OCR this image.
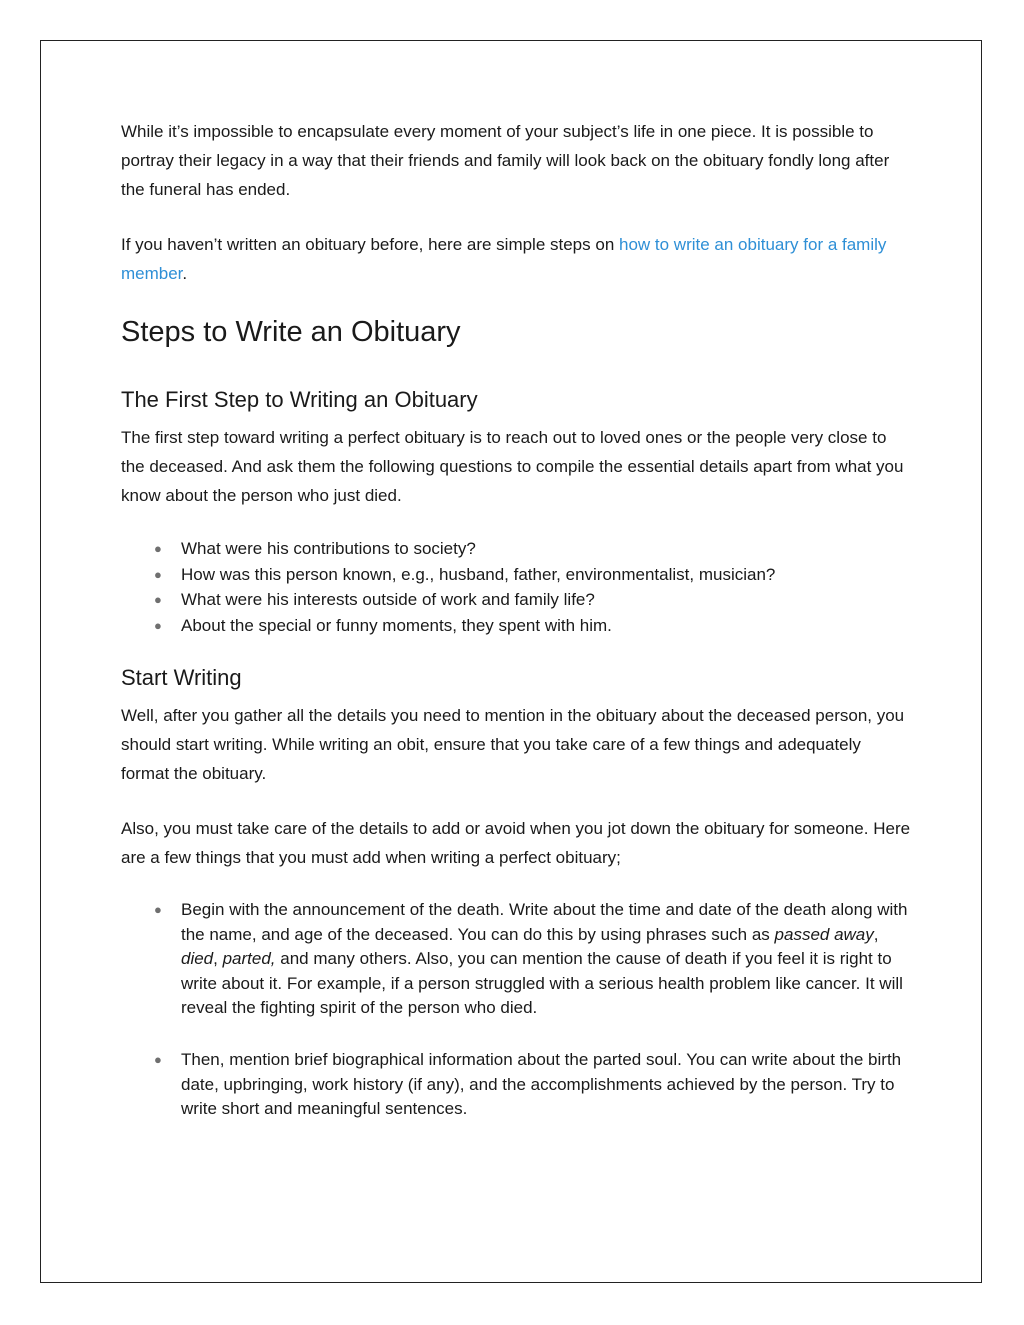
While it’s impossible to encapsulate every moment of your subject’s life in one piece. It is possible to portray their legacy in a way that their friends and family will look back on the obituary fondly long after the funeral has ended.

If you haven’t written an obituary before, here are simple steps on how to write an obituary for a family member.

Steps to Write an Obituary
The First Step to Writing an Obituary

The first step toward writing a perfect obituary is to reach out to loved ones or the people very close to the deceased. And ask them the following questions to compile the essential details apart from what you know about the person who just died.

● What were his contributions to society?
● How was this person known, e.g., husband, father, environmentalist, musician?
● What were his interests outside of work and family life?
● About the special or funny moments, they spent with him.
Start Writing

Well, after you gather all the details you need to mention in the obituary about the deceased person, you should start writing. While writing an obit, ensure that you take care of a few things and adequately format the obituary.

Also, you must take care of the details to add or avoid when you jot down the obituary for someone. Here are a few things that you must add when writing a perfect obituary;

● Begin with the announcement of the death. Write about the time and date of the death along with the name, and age of the deceased. You can do this by using phrases such as passed away, died, parted, and many others. Also, you can mention the cause of death if you feel it is right to write about it. For example, if a person struggled with a serious health problem like cancer. It will reveal the fighting spirit of the person who died.
● Then, mention brief biographical information about the parted soul. You can write about the birth date, upbringing, work history (if any), and the accomplishments achieved by the person. Try to write short and meaningful sentences.
